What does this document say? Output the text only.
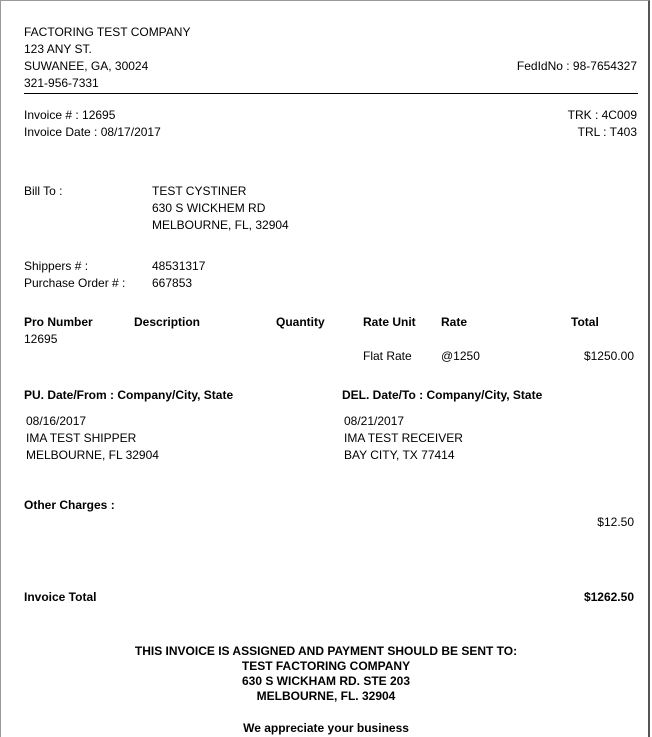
FACTORING TEST COMPANY
123 ANY ST.
SUWANEE, GA, 30024
321-956-7331
FedIdNo : 98-7654327
Invoice # : 12695
Invoice Date : 08/17/2017
TRK : 4C009
TRL : T403
Bill To :	TEST CYSTINER
630 S WICKHEM RD
MELBOURNE, FL, 32904
Shippers # :	48531317
Purchase Order # : 667853
Pro Number	Description	Quantity	Rate Unit Rate	Total
12695
Flat Rate @1250	$1250.00
PU. Date/From : Company/City, State
08/16/2017
IMA TEST SHIPPER
MELBOURNE, FL 32904
DEL. Date/To : Company/City, State
08/21/2017
IMA TEST RECEIVER
BAY CITY, TX 77414
Other Charges :
$12.50
Invoice Total	$1262.50
THIS INVOICE IS ASSIGNED AND PAYMENT SHOULD BE SENT TO:
TEST FACTORING COMPANY
630 S WICKHAM RD. STE 203
MELBOURNE, FL. 32904
We appreciate your business
